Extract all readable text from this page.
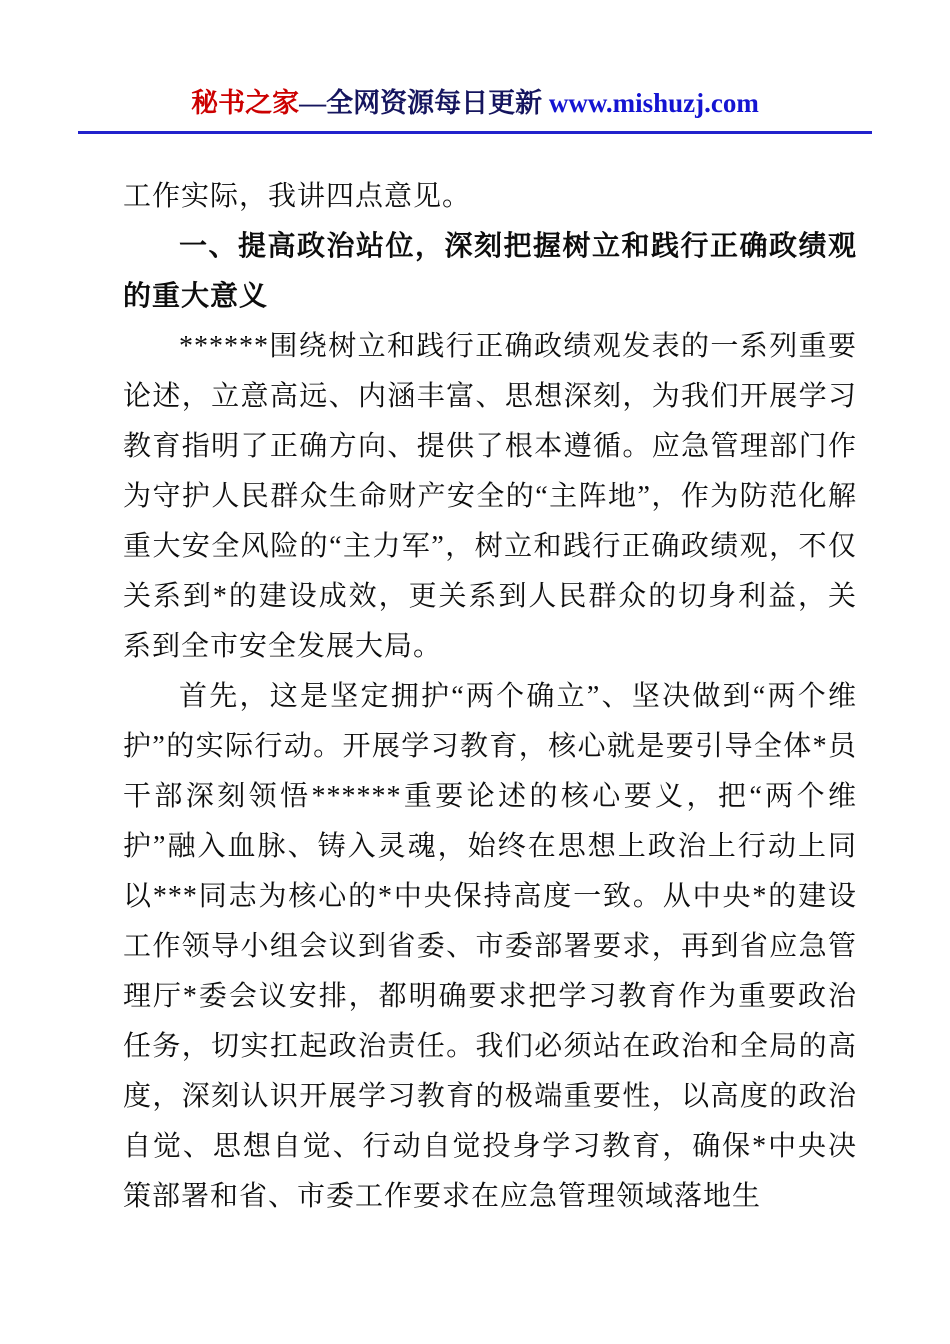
秘书之家—全网资源每日更新 www.mishuzj.com

工作实际，我讲四点意见。

一、提高政治站位，深刻把握树立和践行正确政绩观的重大意义

******围绕树立和践行正确政绩观发表的一系列重要论述，立意高远、内涵丰富、思想深刻，为我们开展学习教育指明了正确方向、提供了根本遵循。应急管理部门作为守护人民群众生命财产安全的“主阵地”，作为防范化解重大安全风险的“主力军”，树立和践行正确政绩观，不仅关系到*的建设成效，更关系到人民群众的切身利益，关系到全市安全发展大局。

首先，这是坚定拥护“两个确立”、坚决做到“两个维护”的实际行动。开展学习教育，核心就是要引导全体*员干部深刻领悟******重要论述的核心要义，把“两个维护”融入血脉、铸入灵魂，始终在思想上政治上行动上同以***同志为核心的*中央保持高度一致。从中央*的建设工作领导小组会议到省委、市委部署要求，再到省应急管理厅*委会议安排，都明确要求把学习教育作为重要政治任务，切实扛起政治责任。我们必须站在政治和全局的高度，深刻认识开展学习教育的极端重要性，以高度的政治自觉、思想自觉、行动自觉投身学习教育，确保*中央决策部署和省、市委工作要求在应急管理领域落地生
